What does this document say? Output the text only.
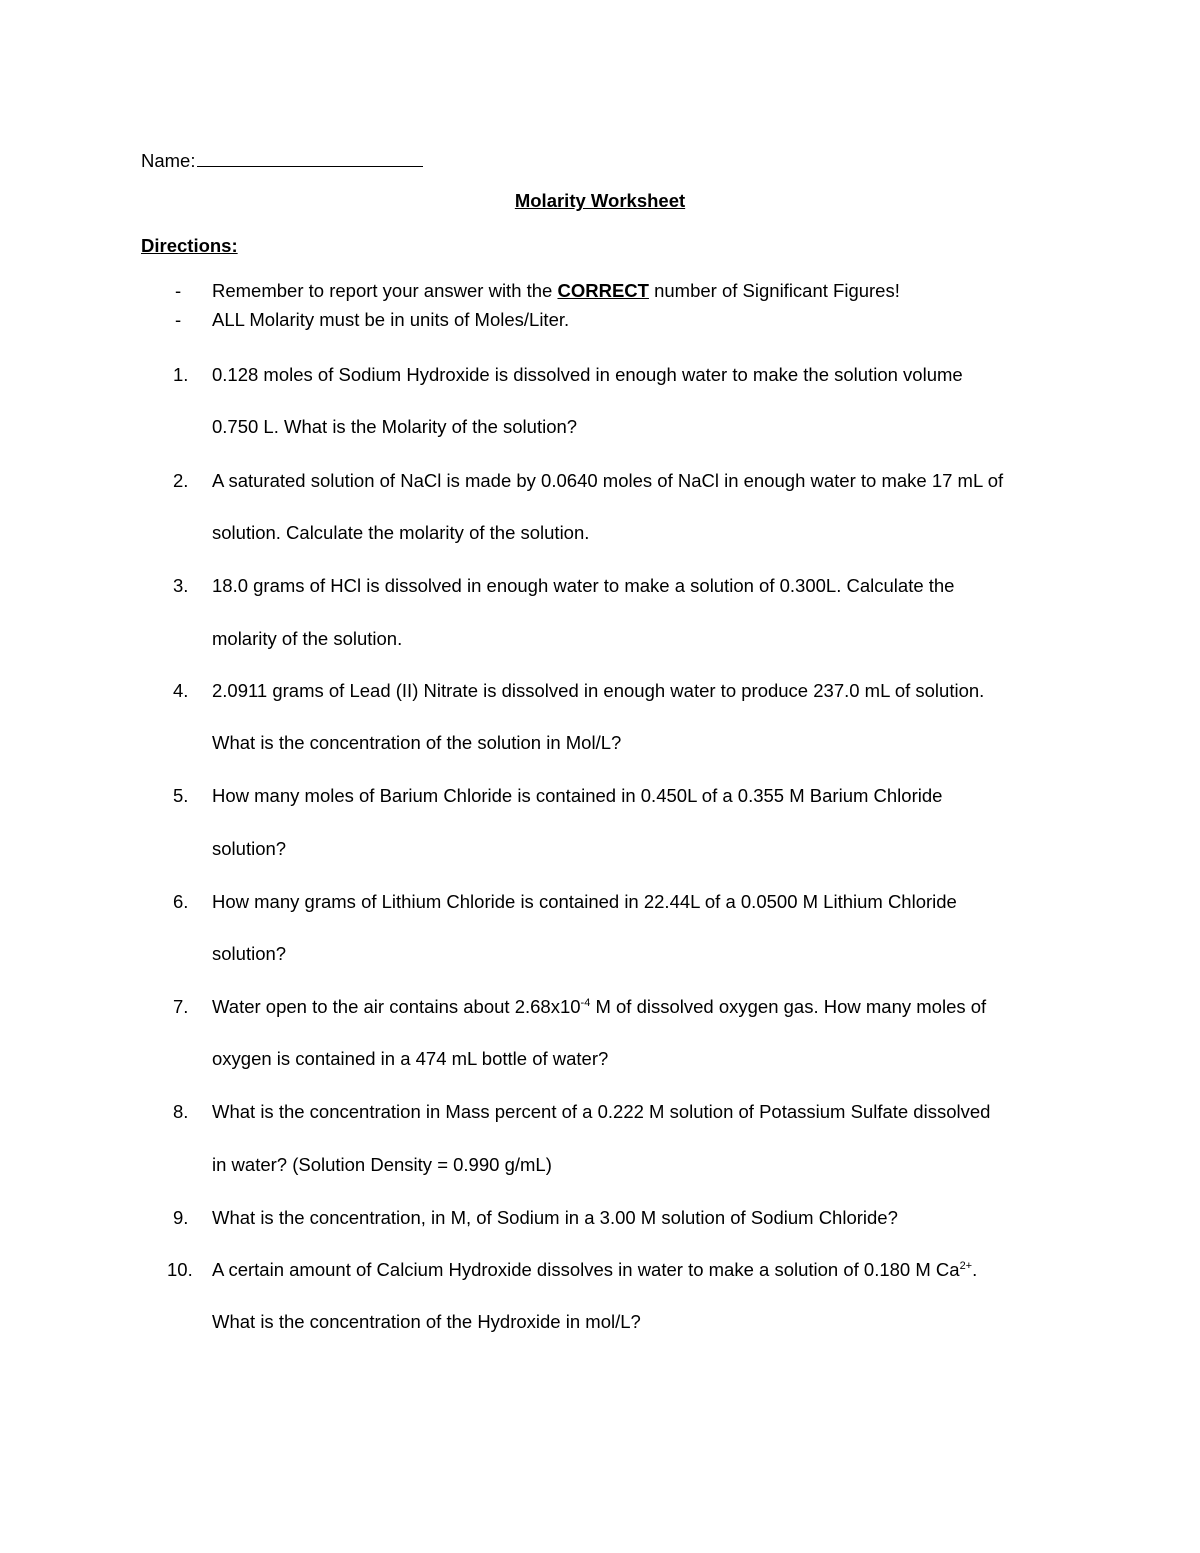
Name:
Molarity Worksheet
Directions:
- Remember to report your answer with the CORRECT number of Significant Figures!
- ALL Molarity must be in units of Moles/Liter.
1. 0.128 moles of Sodium Hydroxide is dissolved in enough water to make the solution volume
0.750 L. What is the Molarity of the solution?
2. A saturated solution of NaCl is made by 0.0640 moles of NaCl in enough water to make 17 mL of
solution. Calculate the molarity of the solution.
3. 18.0 grams of HCl is dissolved in enough water to make a solution of 0.300L. Calculate the
molarity of the solution.
4. 2.0911 grams of Lead (II) Nitrate is dissolved in enough water to produce 237.0 mL of solution.
What is the concentration of the solution in Mol/L?
5. How many moles of Barium Chloride is contained in 0.450L of a 0.355 M Barium Chloride
solution?
6. How many grams of Lithium Chloride is contained in 22.44L of a 0.0500 M Lithium Chloride
solution?
7. Water open to the air contains about $2.68x10^{-4}$ M of dissolved oxygen gas. How many moles of
oxygen is contained in a 474 mL bottle of water?
8. What is the concentration in Mass percent of a 0.222 M solution of Potassium Sulfate dissolved
in water? (Solution Density = 0.990 g/mL)
9. What is the concentration, in M, of Sodium in a 3.00 M solution of Sodium Chloride?
10. A certain amount of Calcium Hydroxide dissolves in water to make a solution of 0.180 M $Ca^{2+}$.
What is the concentration of the Hydroxide in mol/L?
